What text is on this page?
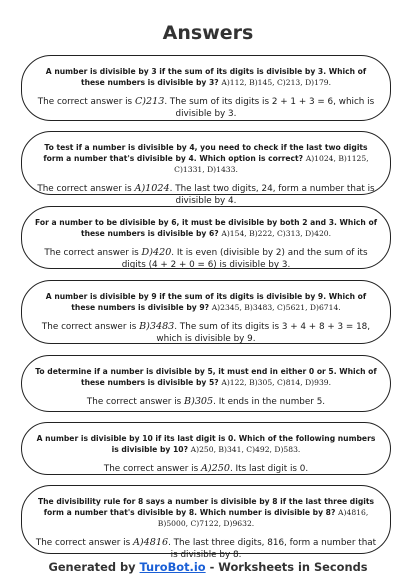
Answers
A number is divisible by 3 if the sum of its digits is divisible by 3. Which of these numbers is divisible by 3? A)112, B)145, C)213, D)179.
The correct answer is C)213. The sum of its digits is 2 + 1 + 3 = 6, which is divisible by 3.
To test if a number is divisible by 4, you need to check if the last two digits form a number that's divisible by 4. Which option is correct? A)1024, B)1125, C)1331, D)1433.
The correct answer is A)1024. The last two digits, 24, form a number that is divisible by 4.
For a number to be divisible by 6, it must be divisible by both 2 and 3. Which of these numbers is divisible by 6? A)154, B)222, C)313, D)420.
The correct answer is D)420. It is even (divisible by 2) and the sum of its digits (4 + 2 + 0 = 6) is divisible by 3.
A number is divisible by 9 if the sum of its digits is divisible by 9. Which of these numbers is divisible by 9? A)2345, B)3483, C)5621, D)6714.
The correct answer is B)3483. The sum of its digits is 3 + 4 + 8 + 3 = 18, which is divisible by 9.
To determine if a number is divisible by 5, it must end in either 0 or 5. Which of these numbers is divisible by 5? A)122, B)305, C)814, D)939.
The correct answer is B)305. It ends in the number 5.
A number is divisible by 10 if its last digit is 0. Which of the following numbers is divisible by 10? A)250, B)341, C)492, D)583.
The correct answer is A)250. Its last digit is 0.
The divisibility rule for 8 says a number is divisible by 8 if the last three digits form a number that's divisible by 8. Which number is divisible by 8? A)4816, B)5000, C)7122, D)9632.
The correct answer is A)4816. The last three digits, 816, form a number that is divisible by 8.
Generated by TuroBot.io - Worksheets in Seconds
